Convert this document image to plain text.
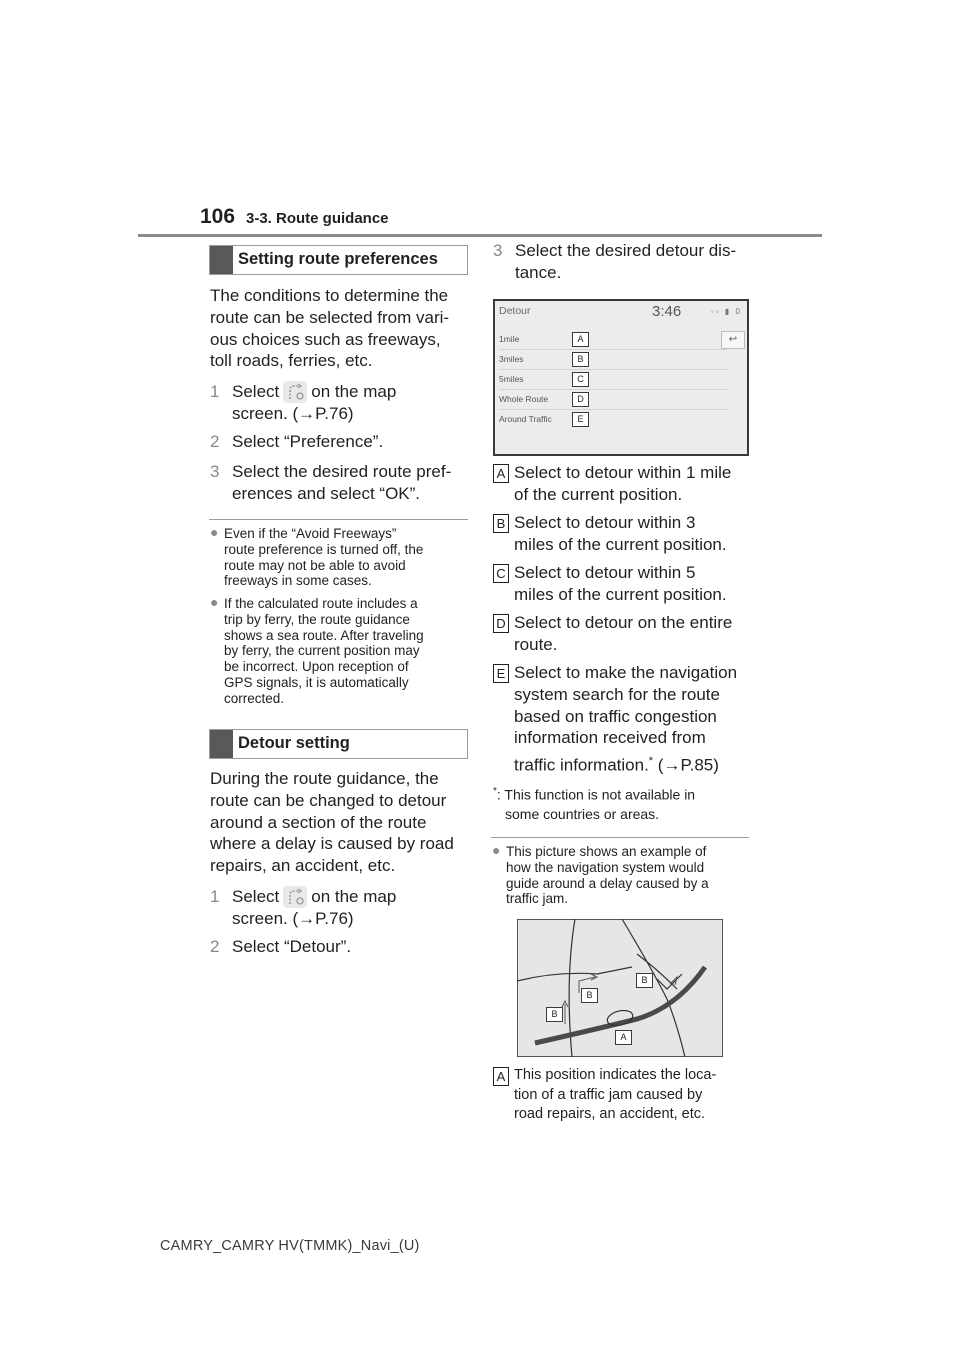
106 3-3. Route guidance
Setting route preferences
The conditions to determine the
route can be selected from vari-
ous choices such as freeways,
toll roads, ferries, etc.
1 Select on the map
screen. (→P.76)
2 Select “Preference”.
3 Select the desired route pref-
erences and select “OK”.
● Even if the “Avoid Freeways”
route preference is turned off, the
route may not be able to avoid
freeways in some cases.
● If the calculated route includes a
trip by ferry, the route guidance
shows a sea route. After traveling
by ferry, the current position may
be incorrect. Upon reception of
GPS signals, it is automatically
corrected.
Detour setting
During the route guidance, the
route can be changed to detour
around a section of the route
where a delay is caused by road
repairs, an accident, etc.
1 Select on the map
screen. (→P.76)
2 Select “Detour”.
3 Select the desired detour dis-
tance.
Detour	3:46	◦◦ ▮ 0
↩
1mile	A
3miles	B
5miles	C
Whole Route	D
Around Traffic	E
A Select to detour within 1 mile
of the current position.
B Select to detour within 3
miles of the current position.
C Select to detour within 5
miles of the current position.
D Select to detour on the entire
route.
E Select to make the navigation
system search for the route
based on traffic congestion
information received from
traffic information.* (→P.85)
*: This function is not available in
some countries or areas.
● This picture shows an example of
how the navigation system would
guide around a delay caused by a
traffic jam.
B
B
B
A
A This position indicates the loca-
tion of a traffic jam caused by
road repairs, an accident, etc.
CAMRY_CAMRY HV(TMMK)_Navi_(U)
